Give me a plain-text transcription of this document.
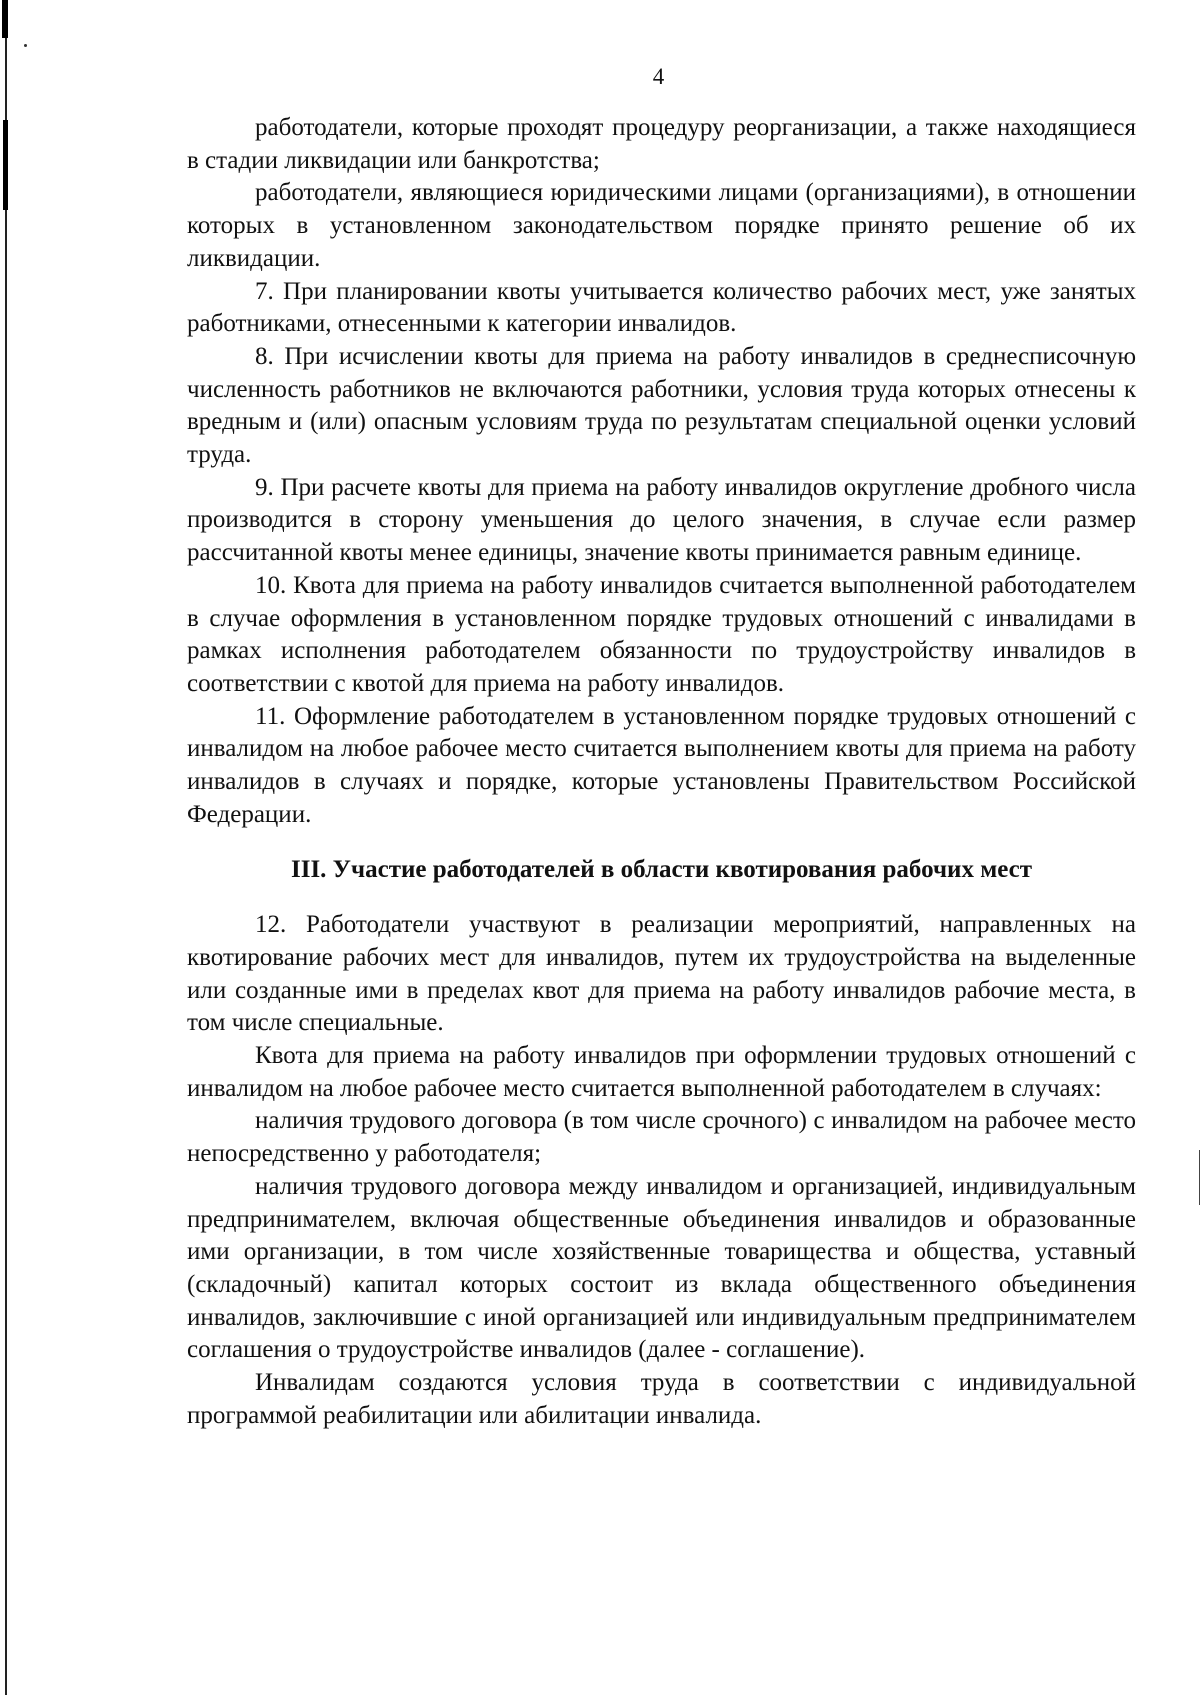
4

работодатели, которые проходят процедуру реорганизации, а также находящиеся в стадии ликвидации или банкротства;

работодатели, являющиеся юридическими лицами (организациями), в отношении которых в установленном законодательством порядке принято решение об их ликвидации.

7. При планировании квоты учитывается количество рабочих мест, уже занятых работниками, отнесенными к категории инвалидов.

8. При исчислении квоты для приема на работу инвалидов в среднесписочную численность работников не включаются работники, условия труда которых отнесены к вредным и (или) опасным условиям труда по результатам специальной оценки условий труда.

9. При расчете квоты для приема на работу инвалидов округление дробного числа производится в сторону уменьшения до целого значения, в случае если размер рассчитанной квоты менее единицы, значение квоты принимается равным единице.

10. Квота для приема на работу инвалидов считается выполненной работодателем в случае оформления в установленном порядке трудовых отношений с инвалидами в рамках исполнения работодателем обязанности по трудоустройству инвалидов в соответствии с квотой для приема на работу инвалидов.

11. Оформление работодателем в установленном порядке трудовых отношений с инвалидом на любое рабочее место считается выполнением квоты для приема на работу инвалидов в случаях и порядке, которые установлены Правительством Российской Федерации.

III. Участие работодателей в области квотирования рабочих мест

12. Работодатели участвуют в реализации мероприятий, направленных на квотирование рабочих мест для инвалидов, путем их трудоустройства на выделенные или созданные ими в пределах квот для приема на работу инвалидов рабочие места, в том числе специальные.

Квота для приема на работу инвалидов при оформлении трудовых отношений с инвалидом на любое рабочее место считается выполненной работодателем в случаях:

наличия трудового договора (в том числе срочного) с инвалидом на рабочее место непосредственно у работодателя;

наличия трудового договора между инвалидом и организацией, индивидуальным предпринимателем, включая общественные объединения инвалидов и образованные ими организации, в том числе хозяйственные товарищества и общества, уставный (складочный) капитал которых состоит из вклада общественного объединения инвалидов, заключившие с иной организацией или индивидуальным предпринимателем соглашения о трудоустройстве инвалидов (далее - соглашение).

Инвалидам создаются условия труда в соответствии с индивидуальной программой реабилитации или абилитации инвалида.
